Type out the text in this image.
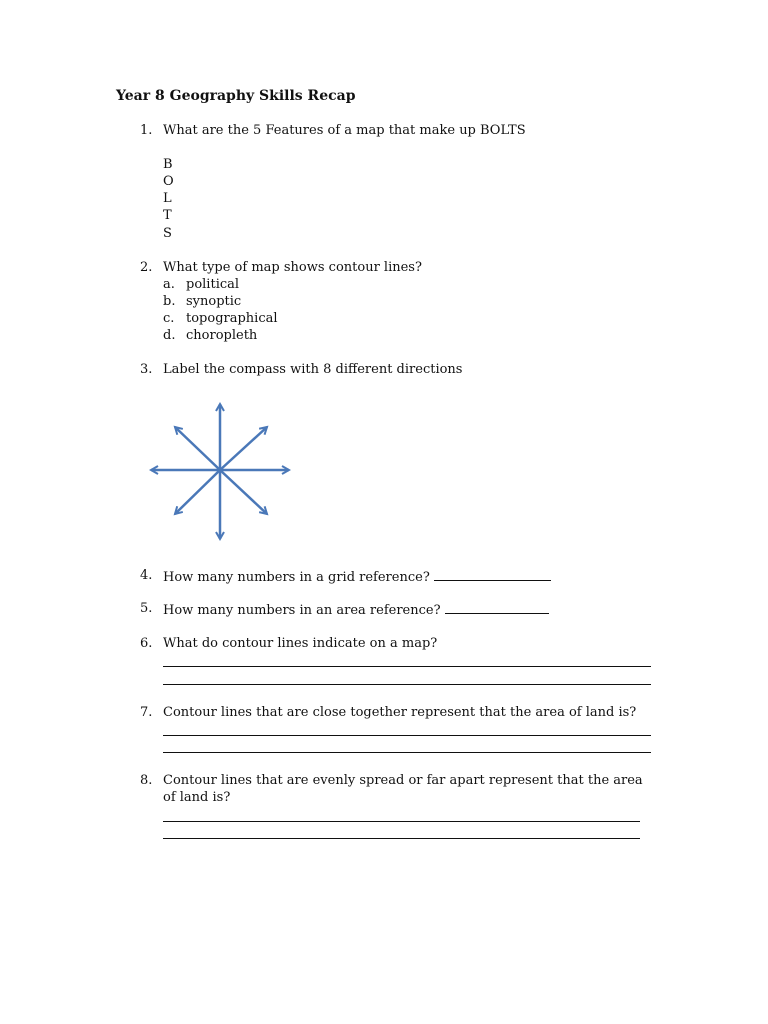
Year 8 Geography Skills Recap
1. What are the 5 Features of a map that make up BOLTS
B
O
L
T
S
2. What type of map shows contour lines?
a. political
b. synoptic
c. topographical
d. choropleth
3. Label the compass with 8 different directions
4. How many numbers in a grid reference?
5. How many numbers in an area reference?
6. What do contour lines indicate on a map?
7. Contour lines that are close together represent that the area of land is?
8. Contour lines that are evenly spread or far apart represent that the area
of land is?
